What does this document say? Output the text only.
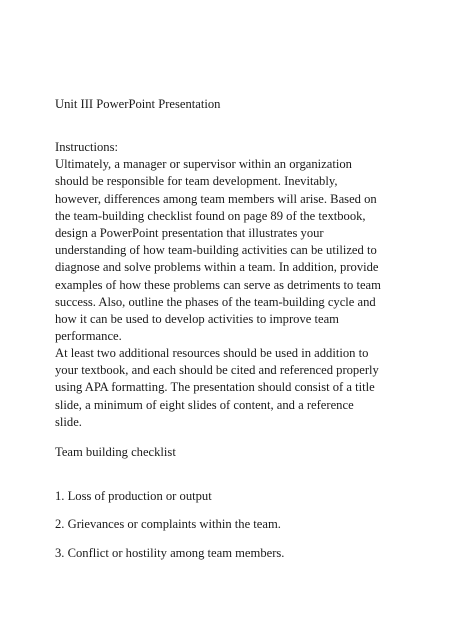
Unit III PowerPoint Presentation

Instructions:
Ultimately, a manager or supervisor within an organization
should be responsible for team development. Inevitably,
however, differences among team members will arise. Based on
the team-building checklist found on page 89 of the textbook,
design a PowerPoint presentation that illustrates your
understanding of how team-building activities can be utilized to
diagnose and solve problems within a team. In addition, provide
examples of how these problems can serve as detriments to team
success. Also, outline the phases of the team-building cycle and
how it can be used to develop activities to improve team
performance.

At least two additional resources should be used in addition to
your textbook, and each should be cited and referenced properly
using APA formatting. The presentation should consist of a title
slide, a minimum of eight slides of content, and a reference
slide.

Team building checklist

1. Loss of production or output

2. Grievances or complaints within the team.

3. Conflict or hostility among team members.
